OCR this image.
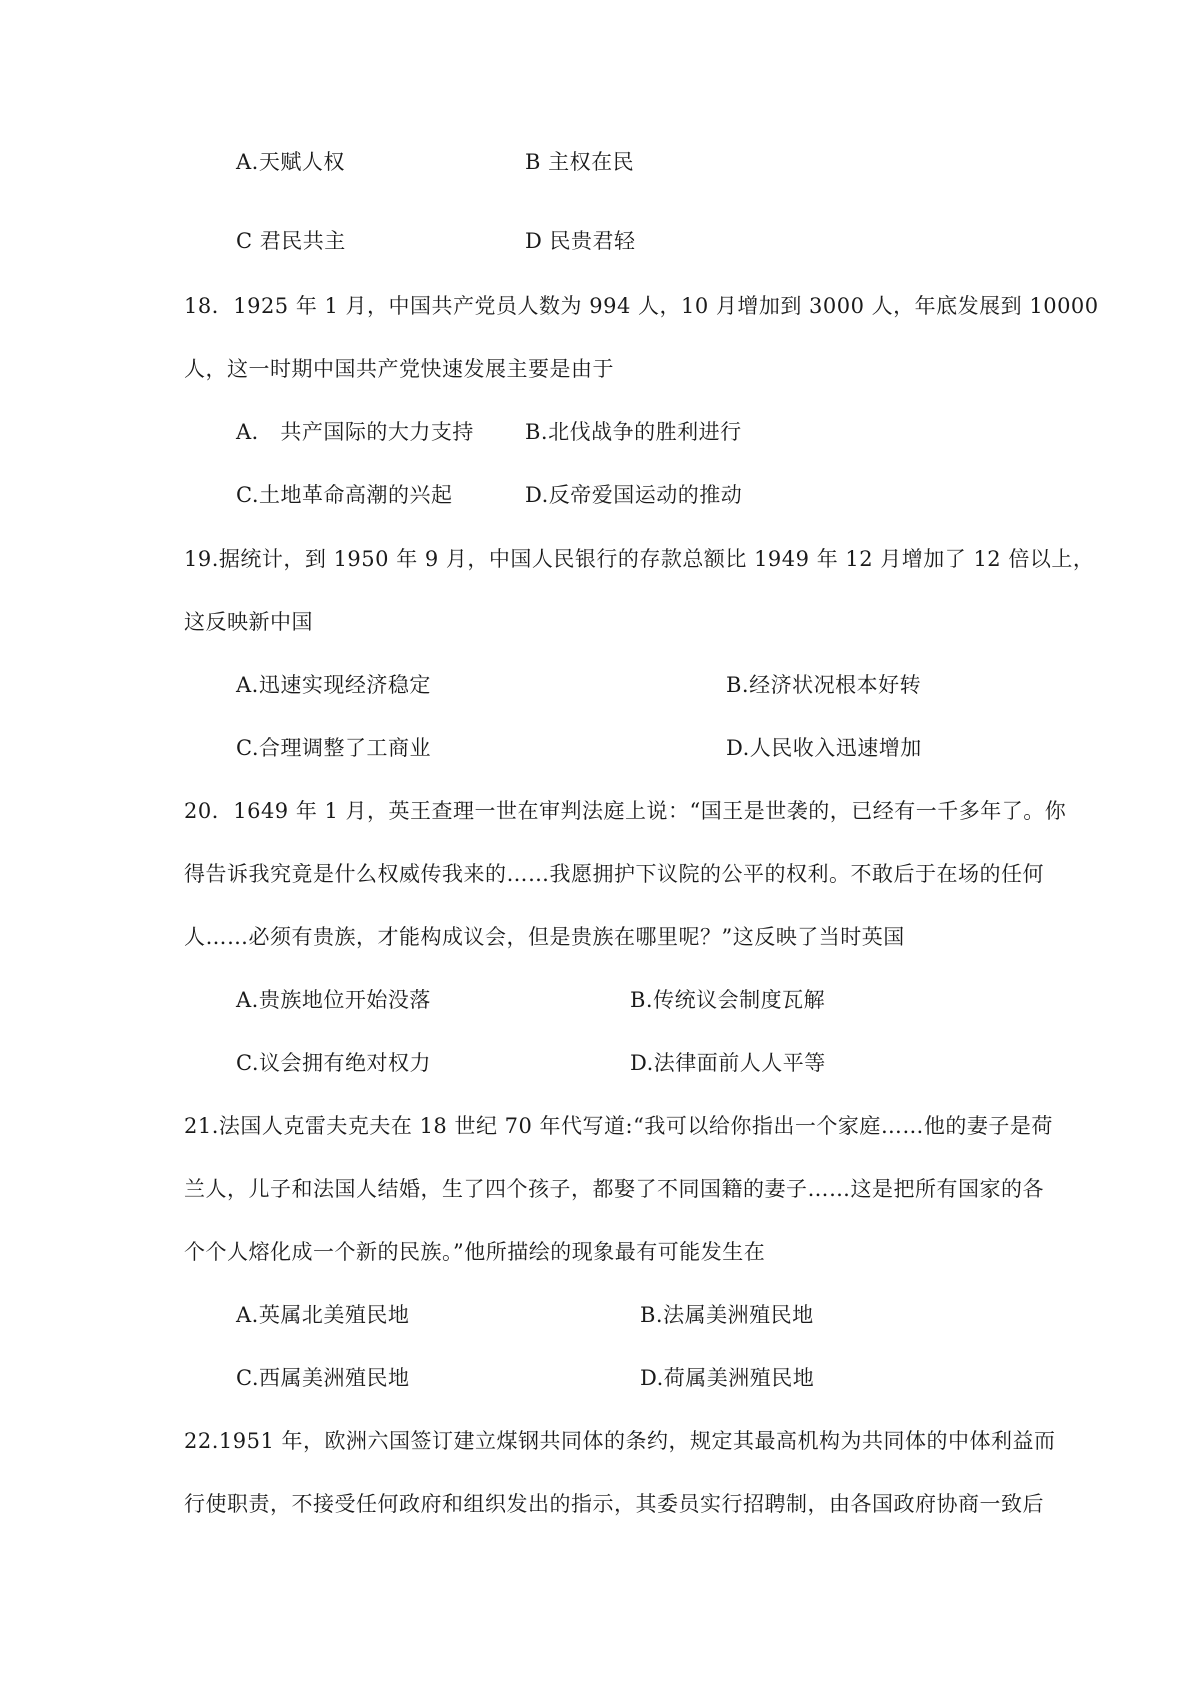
A.天赋人权	B 主权在民
C 君民共主	D 民贵君轻
18．1925 年 1 月，中国共产党员人数为 994 人，10 月增加到 3000 人，年底发展到 10000
人，这一时期中国共产党快速发展主要是由于
A． 共产国际的大力支持 B.北伐战争的胜利进行
C.土地革命高潮的兴起	D.反帝爱国运动的推动
19.据统计，到 1950 年 9 月，中国人民银行的存款总额比 1949 年 12 月增加了 12 倍以上，
这反映新中国
A.迅速实现经济稳定	B.经济状况根本好转
C.合理调整了工商业	D.人民收入迅速增加
20．1649 年 1 月，英王查理一世在审判法庭上说：“国王是世袭的，已经有一千多年了。你
得告诉我究竟是什么权威传我来的……我愿拥护下议院的公平的权利。不敢后于在场的任何
人……必须有贵族，才能构成议会，但是贵族在哪里呢？”这反映了当时英国
A.贵族地位开始没落	B.传统议会制度瓦解
C.议会拥有绝对权力	D.法律面前人人平等
21.法国人克雷夫克夫在 18 世纪 70 年代写道:“我可以给你指出一个家庭……他的妻子是荷
兰人，儿子和法国人结婚，生了四个孩子，都娶了不同国籍的妻子……这是把所有国家的各
个个人熔化成一个新的民族。”他所描绘的现象最有可能发生在
A.英属北美殖民地	B.法属美洲殖民地
C.西属美洲殖民地	D.荷属美洲殖民地
22.1951 年，欧洲六国签订建立煤钢共同体的条约，规定其最高机构为共同体的中体利益而
行使职责，不接受任何政府和组织发出的指示，其委员实行招聘制，由各国政府协商一致后
